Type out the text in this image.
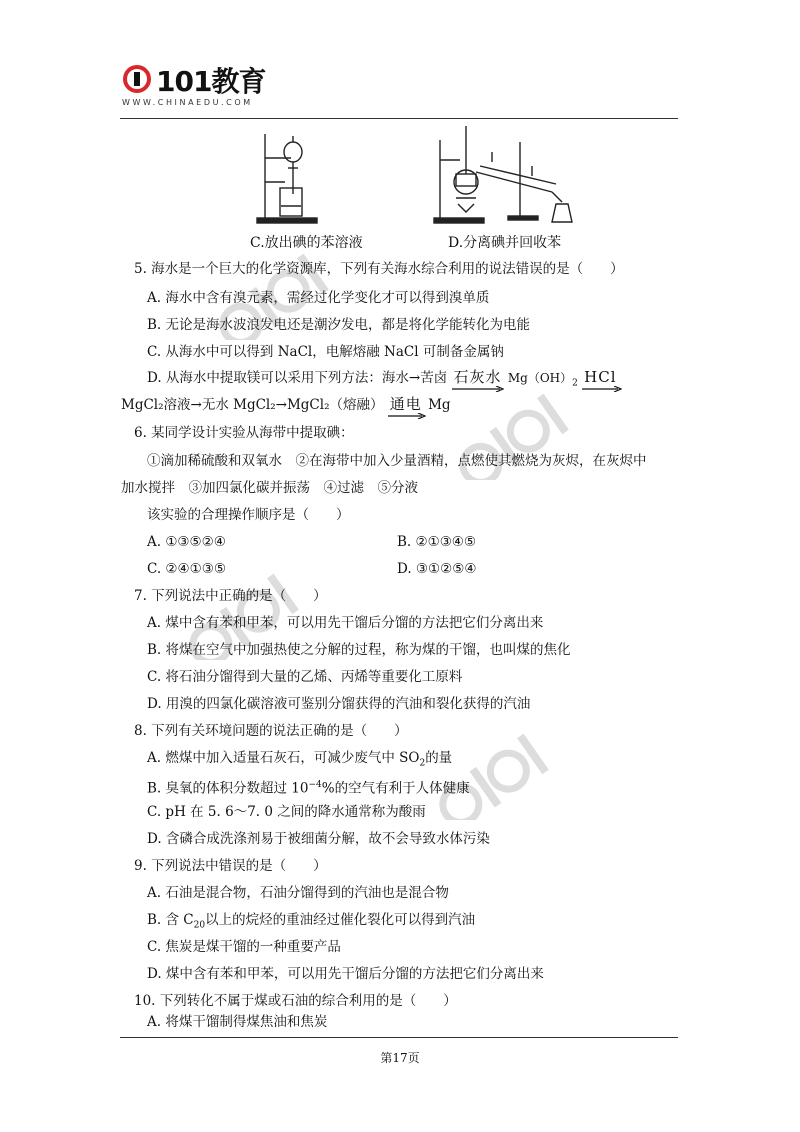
101教育
WWW.CHINAEDU.COM
C.放出碘的苯溶液	D.分离碘并回收苯
5. 海水是一个巨大的化学资源库，下列有关海水综合利用的说法错误的是（　　）
A. 海水中含有溴元素，需经过化学变化才可以得到溴单质
B. 无论是海水波浪发电还是潮汐发电，都是将化学能转化为电能
C. 从海水中可以得到 NaCl，电解熔融 NaCl 可制备金属钠
D. 从海水中提取镁可以采用下列方法：海水→苦卤 石灰水 $Mg(OH)_2$ HCl
MgCl₂溶液→无水 MgCl₂→MgCl₂（熔融） 通电 Mg
6. 某同学设计实验从海带中提取碘：
①滴加稀硫酸和双氧水　②在海带中加入少量酒精，点燃使其燃烧为灰烬，在灰烬中
加水搅拌　③加四氯化碳并振荡　④过滤　⑤分液
该实验的合理操作顺序是（　　）
A. ①③⑤②④	B. ②①③④⑤
C. ②④①③⑤	D. ③①②⑤④
7. 下列说法中正确的是（　　）
A. 煤中含有苯和甲苯，可以用先干馏后分馏的方法把它们分离出来
B. 将煤在空气中加强热使之分解的过程，称为煤的干馏，也叫煤的焦化
C. 将石油分馏得到大量的乙烯、丙烯等重要化工原料
D. 用溴的四氯化碳溶液可鉴别分馏获得的汽油和裂化获得的汽油
8. 下列有关环境问题的说法正确的是（　　）
A. 燃煤中加入适量石灰石，可减少废气中 $SO_2$的量
B. 臭氧的体积分数超过 $10^{-4}\%$的空气有利于人体健康
C. pH 在 5. 6～7. 0 之间的降水通常称为酸雨
D. 含磷合成洗涤剂易于被细菌分解，故不会导致水体污染
9. 下列说法中错误的是（　　）
A. 石油是混合物，石油分馏得到的汽油也是混合物
B. 含 $C_{20}$以上的烷烃的重油经过催化裂化可以得到汽油
C. 焦炭是煤干馏的一种重要产品
D. 煤中含有苯和甲苯，可以用先干馏后分馏的方法把它们分离出来
10. 下列转化不属于煤或石油的综合利用的是（　　）
A. 将煤干馏制得煤焦油和焦炭
第17页
